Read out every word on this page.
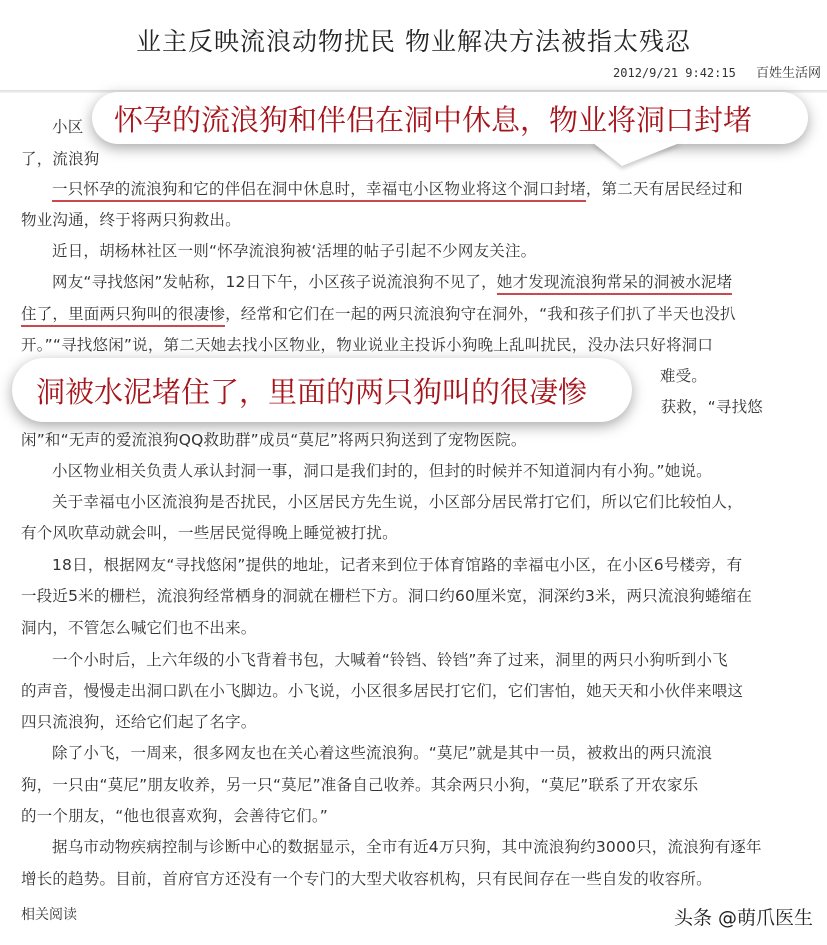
业主反映流浪动物扰民 物业解决方法被指太残忍
2012/9/21 9:42:15 百姓生活网
小区
了，流浪狗
一只怀孕的流浪狗和它的伴侣在洞中休息时，幸福屯小区物业将这个洞口封堵，第二天有居民经过和
物业沟通，终于将两只狗救出。
近日，胡杨林社区一则“怀孕流浪狗被‘活埋的帖子引起不少网友关注。
网友“寻找悠闲”发帖称，12日下午，小区孩子说流浪狗不见了，她才发现流浪狗常呆的洞被水泥堵
住了，里面两只狗叫的很凄惨，经常和它们在一起的两只流浪狗守在洞外，“我和孩子们扒了半天也没扒
开。”“寻找悠闲”说，第二天她去找小区物业，物业说业主投诉小狗晚上乱叫扰民，没办法只好将洞口
难受。
获救，“寻找悠
闲”和“无声的爱流浪狗QQ救助群”成员“莫尼”将两只狗送到了宠物医院。
小区物业相关负责人承认封洞一事，洞口是我们封的，但封的时候并不知道洞内有小狗。”她说。
关于幸福屯小区流浪狗是否扰民，小区居民方先生说，小区部分居民常打它们，所以它们比较怕人，
有个风吹草动就会叫，一些居民觉得晚上睡觉被打扰。
18日，根据网友“寻找悠闲”提供的地址，记者来到位于体育馆路的幸福屯小区，在小区6号楼旁，有
一段近5米的栅栏，流浪狗经常栖身的洞就在栅栏下方。洞口约60厘米宽，洞深约3米，两只流浪狗蜷缩在
洞内，不管怎么喊它们也不出来。
一个小时后，上六年级的小飞背着书包，大喊着“铃铛、铃铛”奔了过来，洞里的两只小狗听到小飞
的声音，慢慢走出洞口趴在小飞脚边。小飞说，小区很多居民打它们，它们害怕，她天天和小伙伴来喂这
四只流浪狗，还给它们起了名字。
除了小飞，一周来，很多网友也在关心着这些流浪狗。“莫尼”就是其中一员，被救出的两只流浪
狗，一只由“莫尼”朋友收养，另一只“莫尼”准备自己收养。其余两只小狗，“莫尼”联系了开农家乐
的一个朋友，“他也很喜欢狗，会善待它们。”
据乌市动物疾病控制与诊断中心的数据显示，全市有近4万只狗，其中流浪狗约3000只，流浪狗有逐年
增长的趋势。目前，首府官方还没有一个专门的大型犬收容机构，只有民间存在一些自发的收容所。
怀孕的流浪狗和伴侣在洞中休息，物业将洞口封堵
洞被水泥堵住了，里面的两只狗叫的很凄惨
相关阅读	头条 @萌爪医生
